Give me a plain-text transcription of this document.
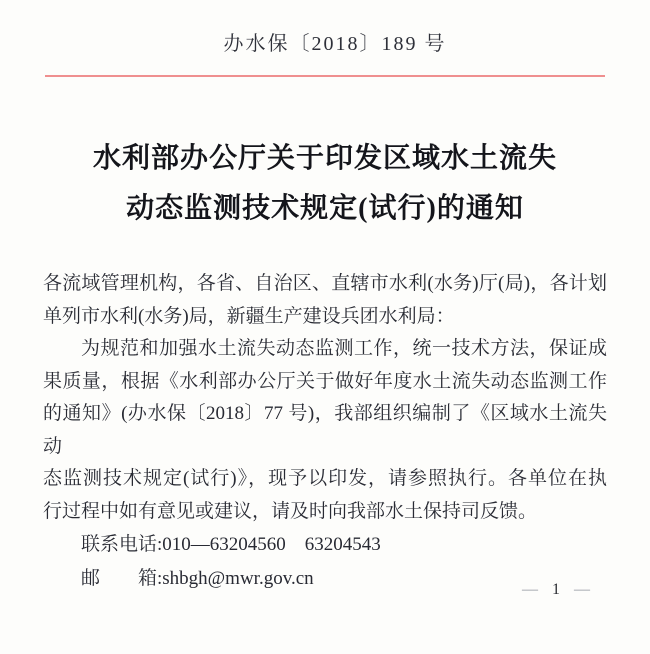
办水保〔2018〕189 号
水利部办公厅关于印发区域水土流失
动态监测技术规定(试行)的通知

各流域管理机构，各省、自治区、直辖市水利(水务)厅(局)，各计划

单列市水利(水务)局，新疆生产建设兵团水利局：

为规范和加强水土流失动态监测工作，统一技术方法，保证成

果质量，根据《水利部办公厅关于做好年度水土流失动态监测工作

的通知》(办水保〔2018〕77 号)，我部组织编制了《区域水土流失动

态监测技术规定(试行)》，现予以印发，请参照执行。各单位在执

行过程中如有意见或建议，请及时向我部水土保持司反馈。

联系电话:010—63204560　63204543

邮　　箱:shbgh@mwr.gov.cn

— 1 —
